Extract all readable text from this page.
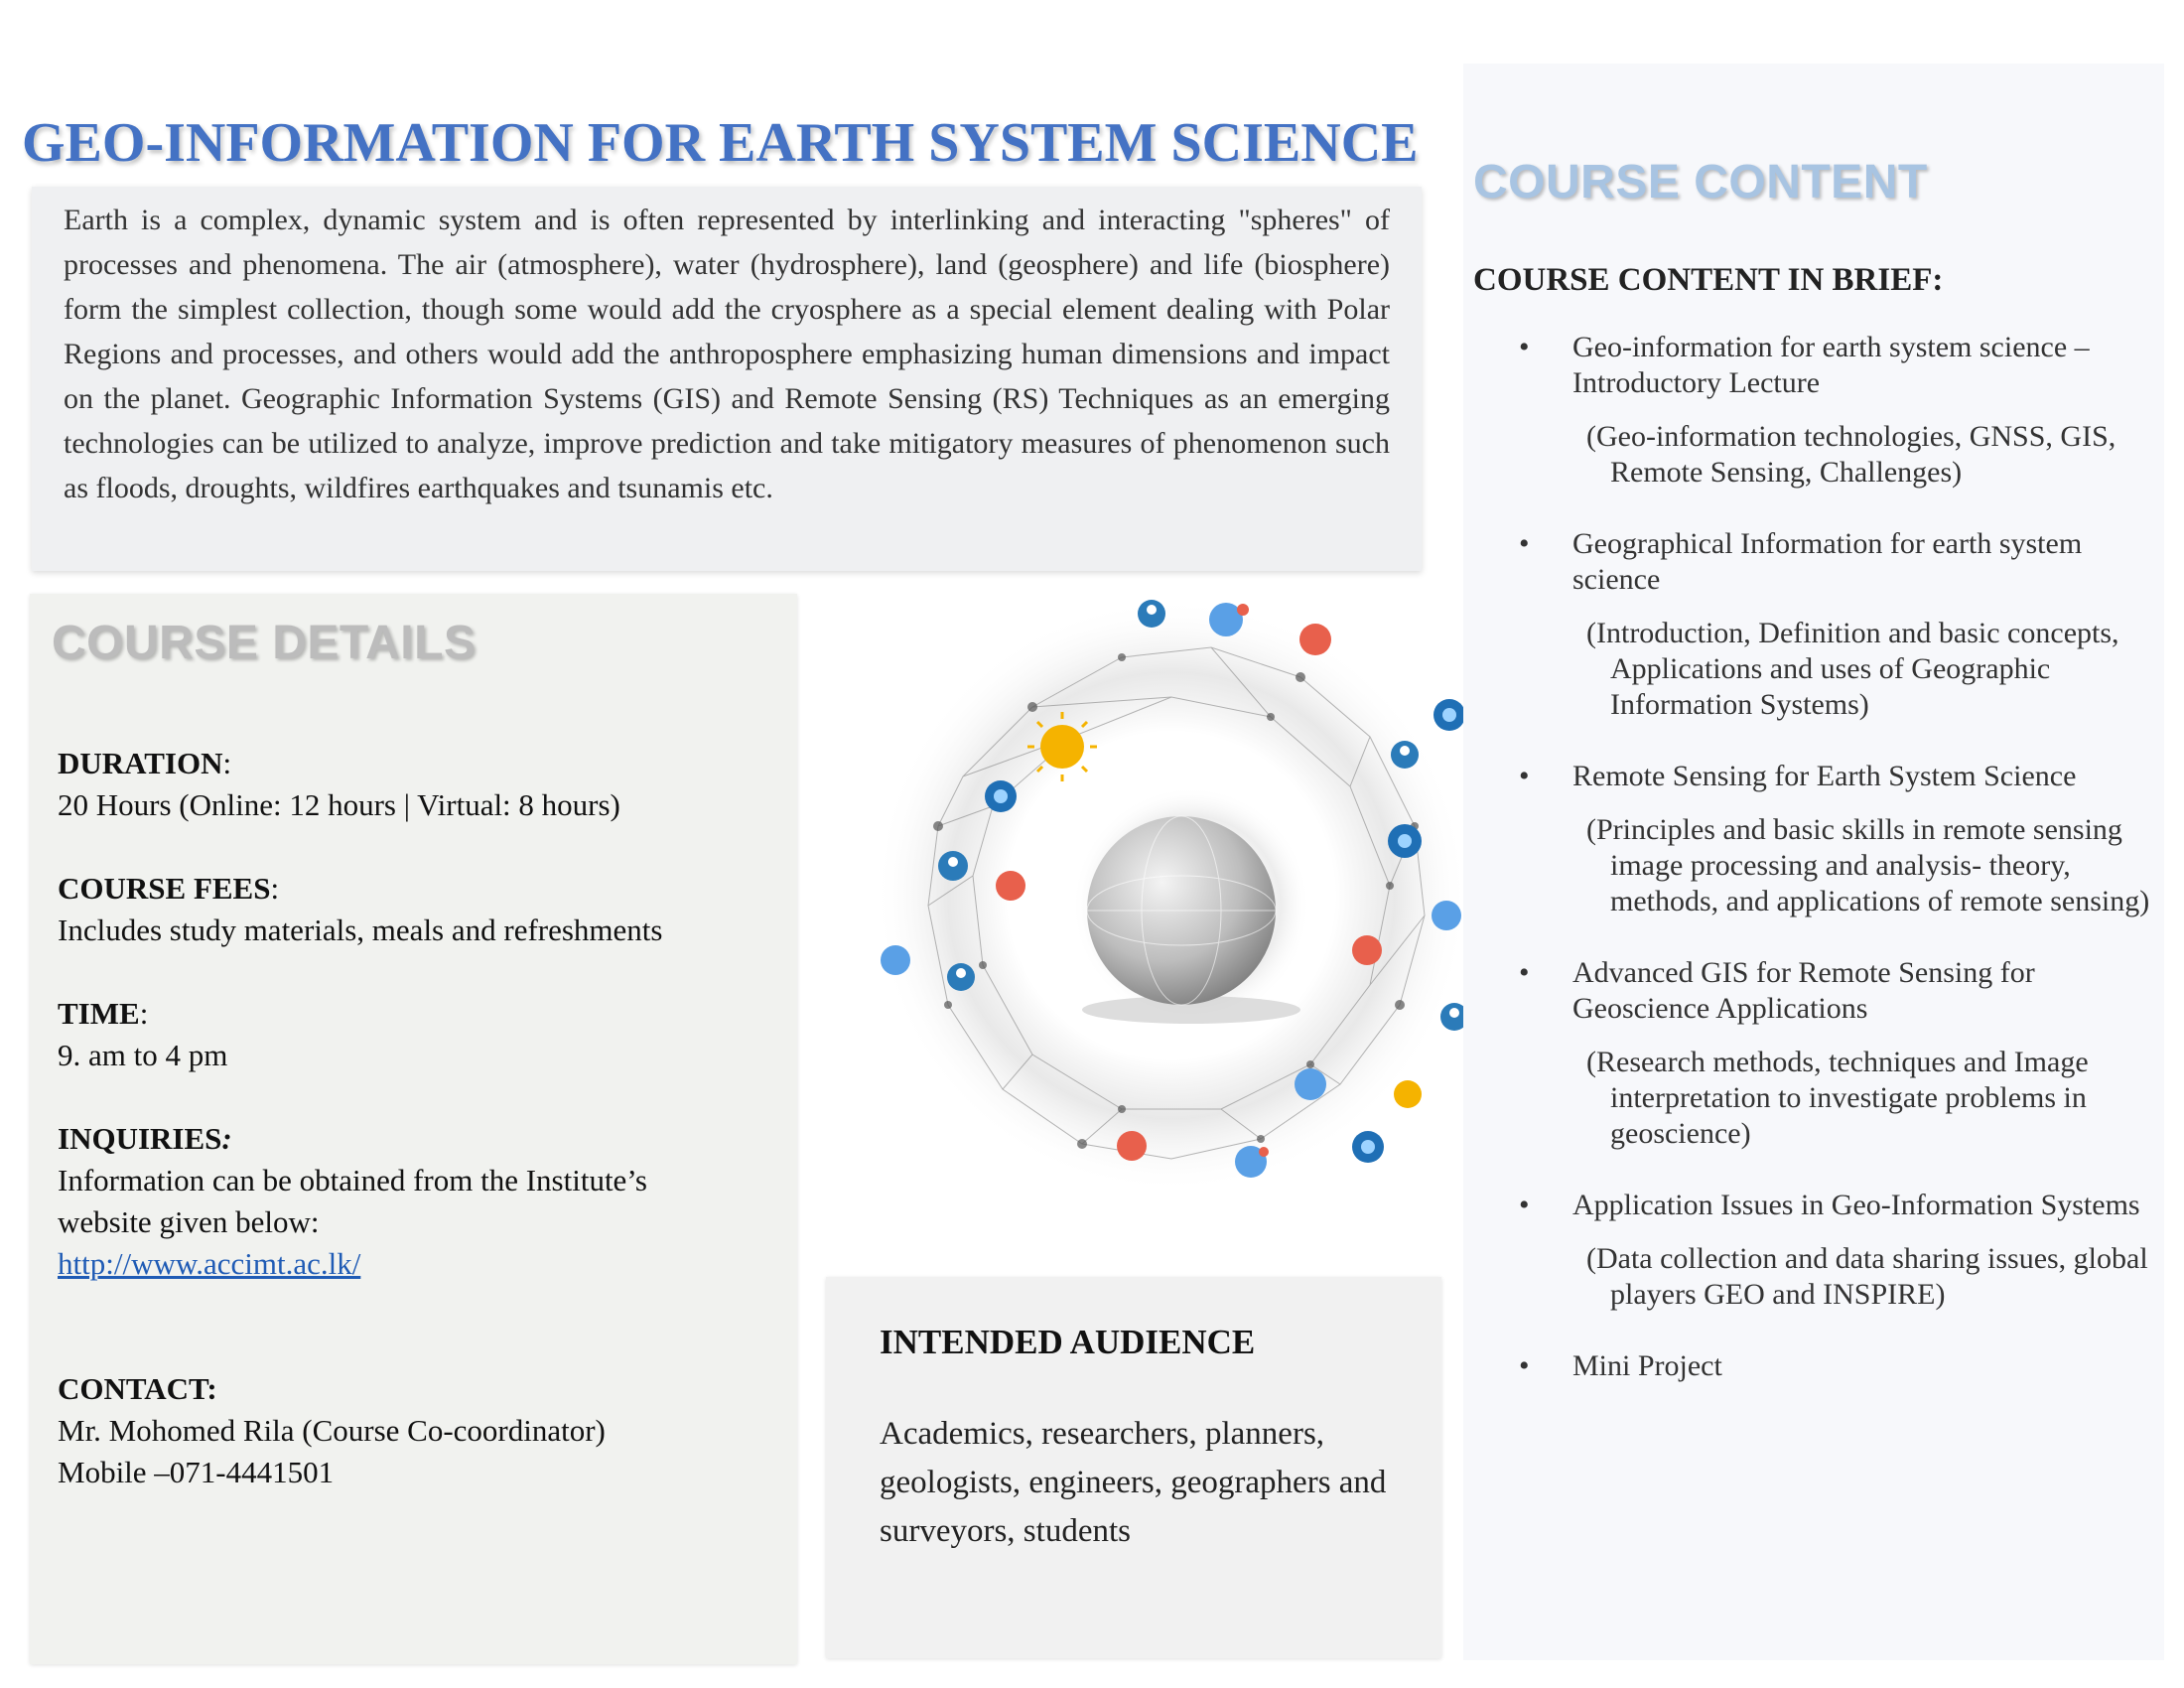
GEO-INFORMATION FOR EARTH SYSTEM SCIENCE
Earth is a complex, dynamic system and is often represented by interlinking and interacting "spheres" of processes and phenomena. The air (atmosphere), water (hydrosphere), land (geosphere) and life (biosphere) form the simplest collection, though some would add the cryosphere as a special element dealing with Polar Regions and processes, and others would add the anthroposphere emphasizing human dimensions and impact on the planet. Geographic Information Systems (GIS) and Remote Sensing (RS) Techniques as an emerging technologies can be utilized to analyze, improve prediction and take mitigatory measures of phenomenon such as floods, droughts, wildfires earthquakes and tsunamis etc.
COURSE DETAILS
DURATION:
20 Hours (Online: 12 hours | Virtual: 8 hours)
COURSE FEES:
Includes study materials, meals and refreshments
TIME:
9. am to 4 pm
INQUIRIES:
Information can be obtained from the Institute’s website given below:
http://www.accimt.ac.lk/
CONTACT:
Mr. Mohomed Rila (Course Co-coordinator)
Mobile –071-4441501
INTENDED AUDIENCE
Academics, researchers, planners, geologists, engineers, geographers and surveyors, students
COURSE CONTENT
COURSE CONTENT IN BRIEF:
• Geo-information for earth system science – Introductory Lecture
(Geo-information technologies, GNSS, GIS, Remote Sensing, Challenges)
• Geographical Information for earth system science
(Introduction, Definition and basic concepts, Applications and uses of Geographic Information Systems)
• Remote Sensing for Earth System Science
(Principles and basic skills in remote sensing image processing and analysis- theory, methods, and applications of remote sensing)
• Advanced GIS for Remote Sensing for Geoscience Applications
(Research methods, techniques and Image interpretation to investigate problems in geoscience)
• Application Issues in Geo-Information Systems
(Data collection and data sharing issues, global players GEO and INSPIRE)
• Mini Project
